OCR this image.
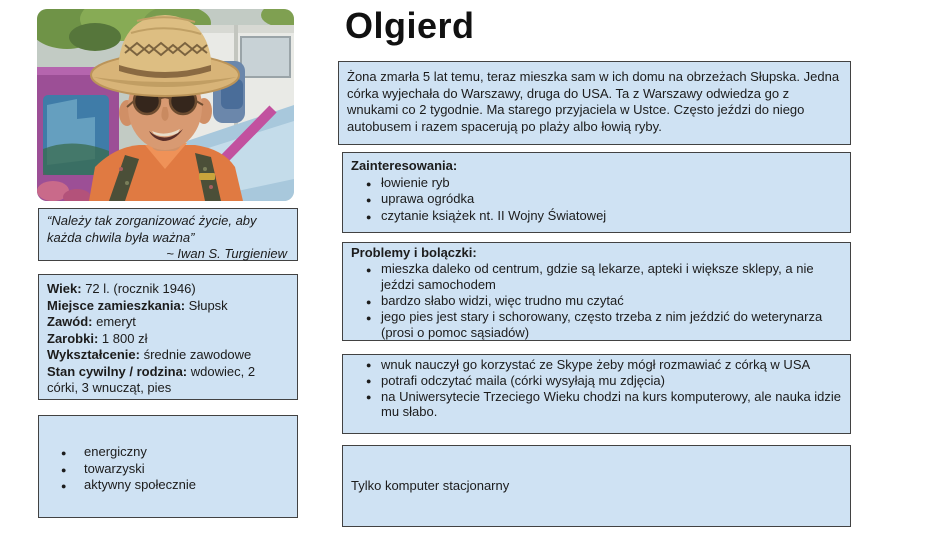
“Należy tak zorganizować życie, aby każda chwila była ważna”
~ Iwan S. Turgieniew
Wiek: 72 l. (rocznik 1946)
Miejsce zamieszkania: Słupsk
Zawód: emeryt
Zarobki: 1 800 zł
Wykształcenie: średnie zawodowe
Stan cywilny / rodzina: wdowiec, 2 córki, 3 wnucząt, pies
● energiczny
● towarzyski
● aktywny społecznie
Olgierd
Żona zmarła 5 lat temu, teraz mieszka sam w ich domu na obrzeżach Słupska. Jedna córka wyjechała do Warszawy, druga do USA. Ta z Warszawy odwiedza go z wnukami co 2 tygodnie. Ma starego przyjaciela w Ustce. Często jeździ do niego autobusem i razem spacerują po plaży albo łowią ryby.
Zainteresowania:
● łowienie ryb
● uprawa ogródka
● czytanie książek nt. II Wojny Światowej
Problemy i bolączki:
● mieszka daleko od centrum, gdzie są lekarze, apteki i większe sklepy, a nie jeździ samochodem
● bardzo słabo widzi, więc trudno mu czytać
● jego pies jest stary i schorowany, często trzeba z nim jeździć do weterynarza (prosi o pomoc sąsiadów)
● wnuk nauczył go korzystać ze Skype żeby mógł rozmawiać z córką w USA
● potrafi odczytać maila (córki wysyłają mu zdjęcia)
● na Uniwersytecie Trzeciego Wieku chodzi na kurs komputerowy, ale nauka idzie mu słabo.
Tylko komputer stacjonarny
